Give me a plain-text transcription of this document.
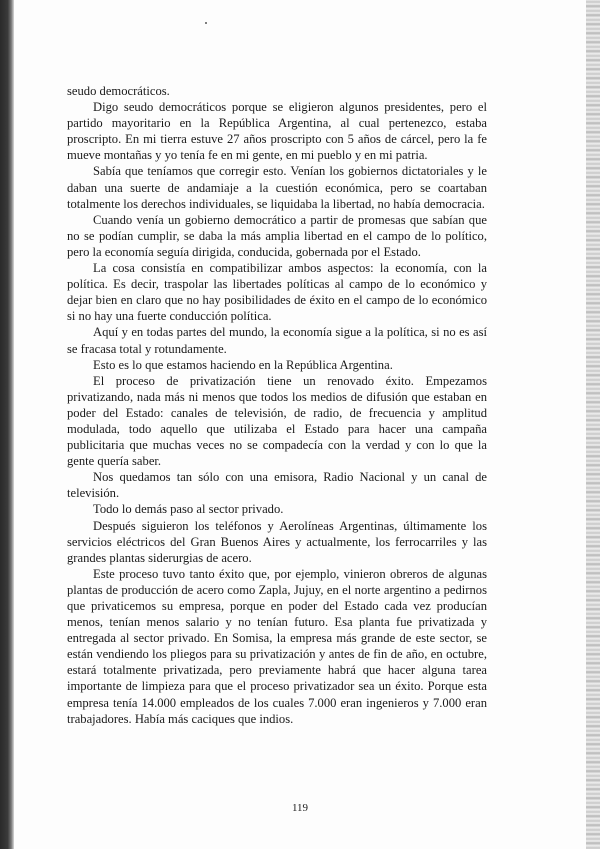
seudo democráticos.

Digo seudo democráticos porque se eligieron algunos presidentes, pero el partido mayoritario en la República Argentina, al cual pertenezco, estaba proscripto. En mi tierra estuve 27 años proscripto con 5 años de cárcel, pero la fe mueve montañas y yo tenía fe en mi gente, en mi pueblo y en mi patria.

Sabía que teníamos que corregir esto. Venían los gobiernos dictatoriales y le daban una suerte de andamiaje a la cuestión económica, pero se coartaban totalmente los derechos individuales, se liquidaba la libertad, no había democracia.

Cuando venía un gobierno democrático a partir de promesas que sabían que no se podían cumplir, se daba la más amplia libertad en el campo de lo político, pero la economía seguía dirigida, conducida, gobernada por el Estado.

La cosa consistía en compatibilizar ambos aspectos: la economía, con la política. Es decir, traspolar las libertades políticas al campo de lo económico y dejar bien en claro que no hay posibilidades de éxito en el campo de lo económico si no hay una fuerte conducción política.

Aquí y en todas partes del mundo, la economía sigue a la política, si no es así se fracasa total y rotundamente.

Esto es lo que estamos haciendo en la República Argentina.

El proceso de privatización tiene un renovado éxito. Empezamos privatizando, nada más ni menos que todos los medios de difusión que estaban en poder del Estado: canales de televisión, de radio, de frecuencia y amplitud modulada, todo aquello que utilizaba el Estado para hacer una campaña publicitaria que muchas veces no se compadecía con la verdad y con lo que la gente quería saber.

Nos quedamos tan sólo con una emisora, Radio Nacional y un canal de televisión.

Todo lo demás paso al sector privado.

Después siguieron los teléfonos y Aerolíneas Argentinas, últimamente los servicios eléctricos del Gran Buenos Aires y actualmente, los ferrocarriles y las grandes plantas siderurgias de acero.

Este proceso tuvo tanto éxito que, por ejemplo, vinieron obreros de algunas plantas de producción de acero como Zapla, Jujuy, en el norte argentino a pedirnos que privaticemos su empresa, porque en poder del Estado cada vez producían menos, tenían menos salario y no tenían futuro. Esa planta fue privatizada y entregada al sector privado. En Somisa, la empresa más grande de este sector, se están vendiendo los pliegos para su privatización y antes de fin de año, en octubre, estará totalmente privatizada, pero previamente habrá que hacer alguna tarea importante de limpieza para que el proceso privatizador sea un éxito. Porque esta empresa tenía 14.000 empleados de los cuales 7.000 eran ingenieros y 7.000 eran trabajadores. Había más caciques que indios.

119
